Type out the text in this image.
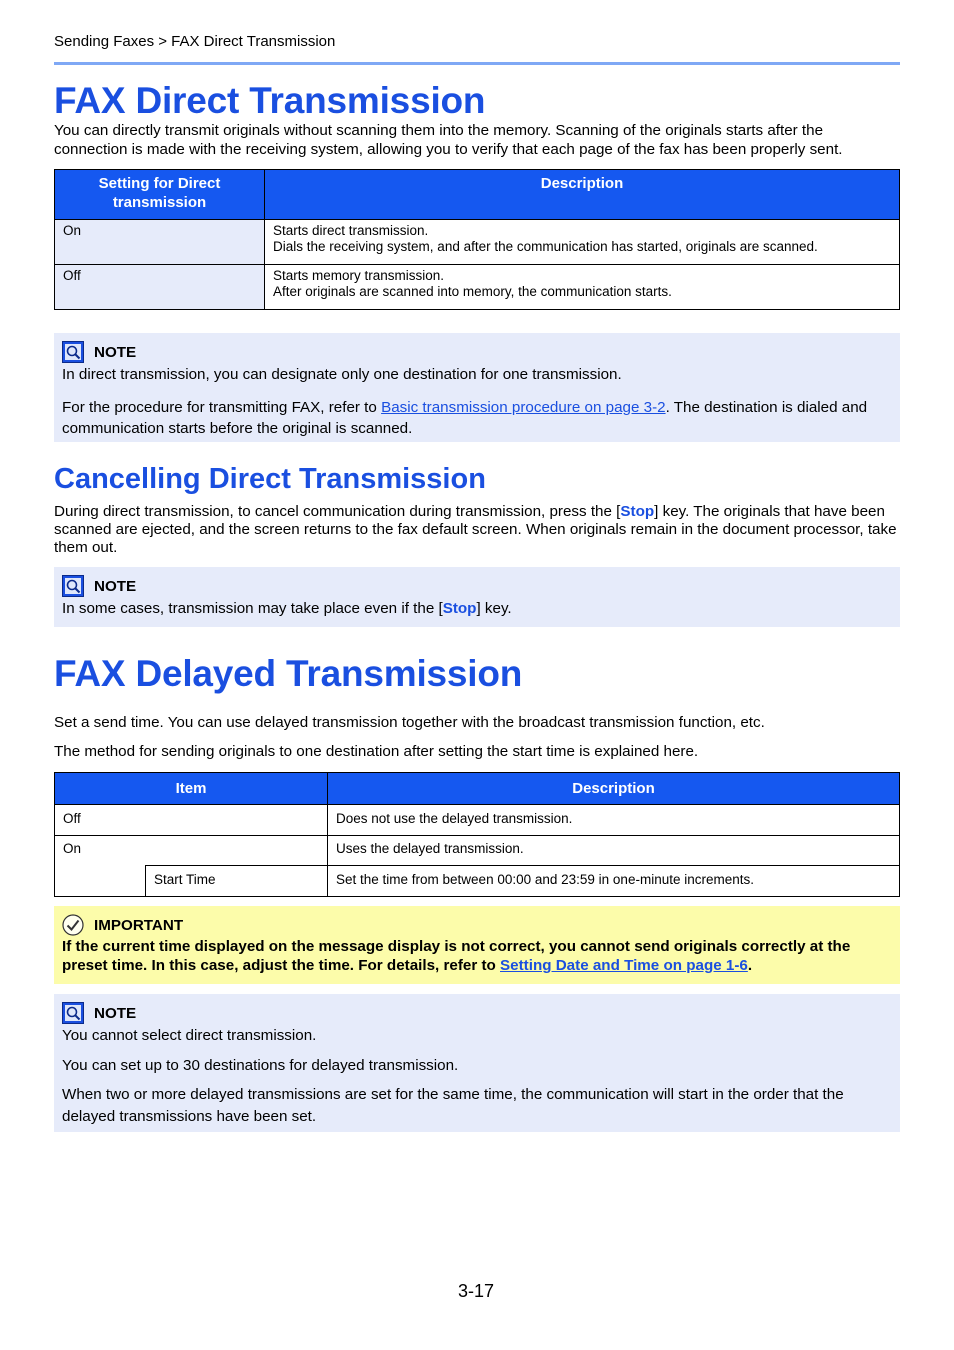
Sending Faxes > FAX Direct Transmission
FAX Direct Transmission

You can directly transmit originals without scanning them into the memory. Scanning of the originals starts after the connection is made with the receiving system, allowing you to verify that each page of the fax has been properly sent.

Setting for Direct transmission	Description
On	Starts direct transmission.
Dials the receiving system, and after the communication has started, originals are scanned.

Off	Starts memory transmission.
After originals are scanned into memory, the communication starts.
NOTE

In direct transmission, you can designate only one destination for one transmission.

For the procedure for transmitting FAX, refer to Basic transmission procedure on page 3-2. The destination is dialed and communication starts before the original is scanned.

Cancelling Direct Transmission

During direct transmission, to cancel communication during transmission, press the [Stop] key. The originals that have been scanned are ejected, and the screen returns to the fax default screen. When originals remain in the document processor, take them out.

NOTE

In some cases, transmission may take place even if the [Stop] key.

FAX Delayed Transmission

Set a send time. You can use delayed transmission together with the broadcast transmission function, etc.

The method for sending originals to one destination after setting the start time is explained here.

Item		Description
Off		Does not use the delayed transmission.
On		Uses the delayed transmission.
	Start Time	Set the time from between 00:00 and 23:59 in one-minute increments.
IMPORTANT

If the current time displayed on the message display is not correct, you cannot send originals correctly at the preset time. In this case, adjust the time. For details, refer to Setting Date and Time on page 1-6.

NOTE

You cannot select direct transmission.

You can set up to 30 destinations for delayed transmission.

When two or more delayed transmissions are set for the same time, the communication will start in the order that the delayed transmissions have been set.

3-17
